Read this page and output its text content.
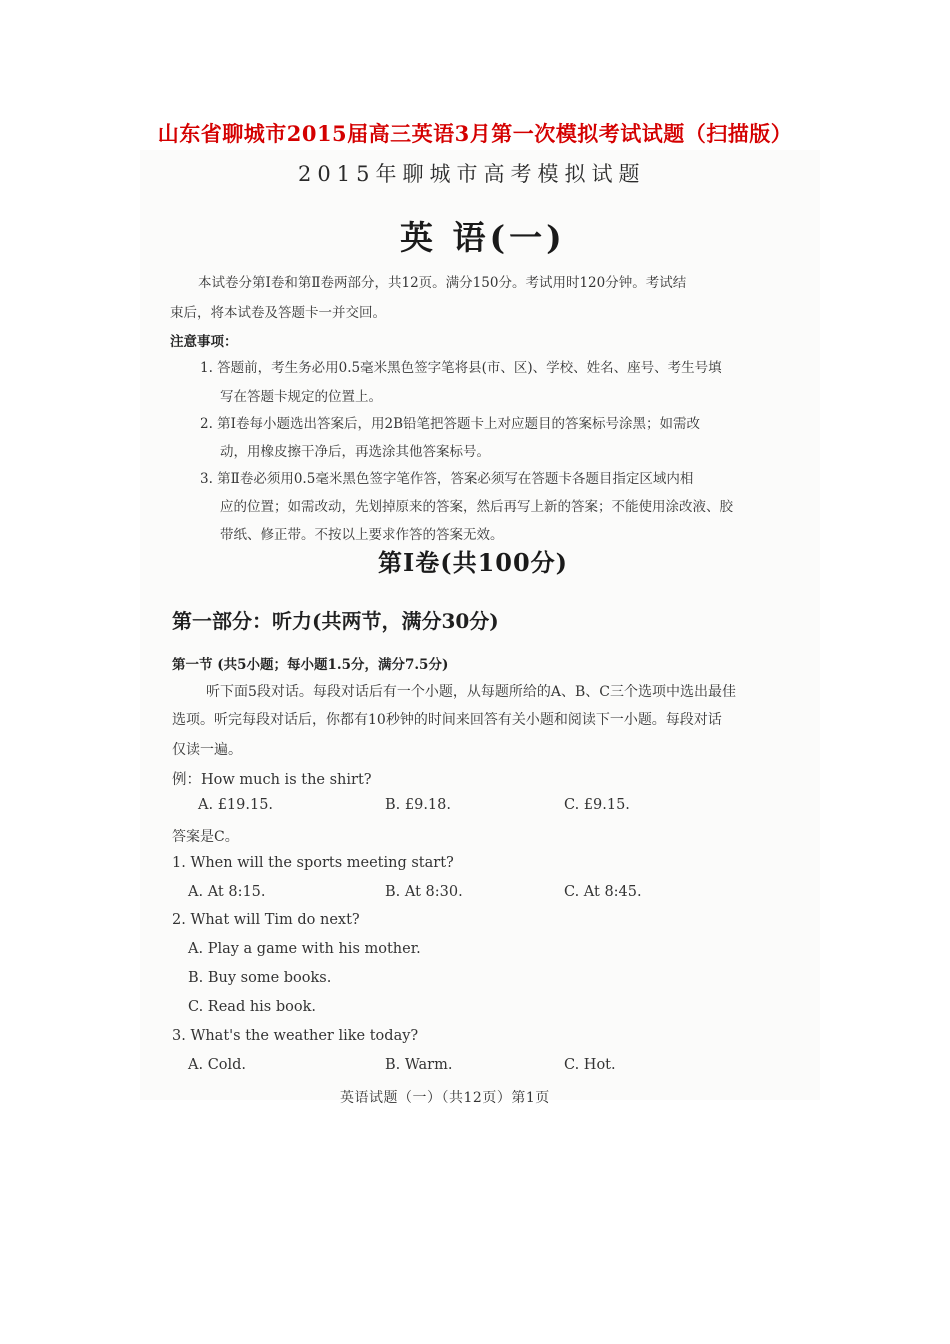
山东省聊城市2015届高三英语3月第一次模拟考试试题（扫描版）
2015年聊城市高考模拟试题
英 语(一)
本试卷分第Ⅰ卷和第Ⅱ卷两部分，共12页。满分150分。考试用时120分钟。考试结
束后，将本试卷及答题卡一并交回。
注意事项：
1. 答题前，考生务必用0.5毫米黑色签字笔将县(市、区)、学校、姓名、座号、考生号填
写在答题卡规定的位置上。
2. 第Ⅰ卷每小题选出答案后，用2B铅笔把答题卡上对应题目的答案标号涂黑；如需改
动，用橡皮擦干净后，再选涂其他答案标号。
3. 第Ⅱ卷必须用0.5毫米黑色签字笔作答，答案必须写在答题卡各题目指定区域内相
应的位置；如需改动，先划掉原来的答案，然后再写上新的答案；不能使用涂改液、胶
带纸、修正带。不按以上要求作答的答案无效。
第Ⅰ卷(共100分)
第一部分：听力(共两节，满分30分)
第一节 (共5小题；每小题1.5分，满分7.5分)
听下面5段对话。每段对话后有一个小题，从每题所给的A、B、C三个选项中选出最佳
选项。听完每段对话后，你都有10秒钟的时间来回答有关小题和阅读下一小题。每段对话
仅读一遍。
例：How much is the shirt?
A. £19.15.	B. £9.18.	C. £9.15.
答案是C。
1. When will the sports meeting start?
A. At 8:15.	B. At 8:30.	C. At 8:45.
2. What will Tim do next?
A. Play a game with his mother.
B. Buy some books.
C. Read his book.
3. What's the weather like today?
A. Cold.	B. Warm.	C. Hot.
英语试题（一）（共12页）第1页
